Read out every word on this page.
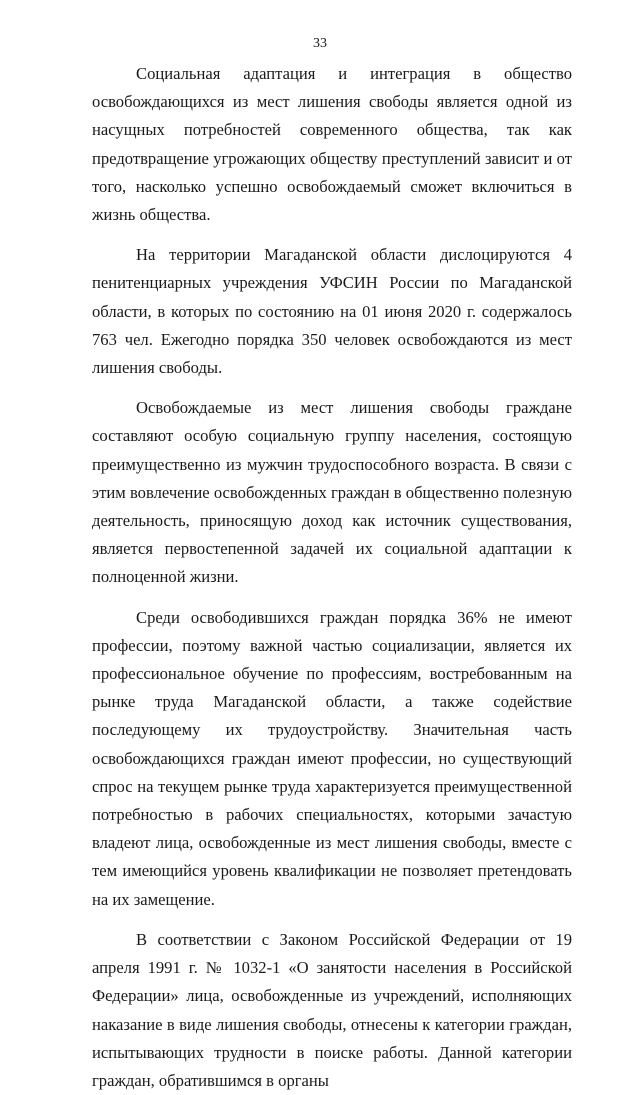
33

Социальная адаптация и интеграция в общество освобождающихся из мест лишения свободы является одной из насущных потребностей современного общества, так как предотвращение угрожающих обществу преступлений зависит и от того, насколько успешно освобождаемый сможет включиться в жизнь общества.

На территории Магаданской области дислоцируются 4 пенитенциарных учреждения УФСИН России по Магаданской области, в которых по состоянию на 01 июня 2020 г. содержалось 763 чел. Ежегодно порядка 350 человек освобождаются из мест лишения свободы.

Освобождаемые из мест лишения свободы граждане составляют особую социальную группу населения, состоящую преимущественно из мужчин трудоспособного возраста. В связи с этим вовлечение освобожденных граждан в общественно полезную деятельность, приносящую доход как источник существования, является первостепенной задачей их социальной адаптации к полноценной жизни.

Среди освободившихся граждан порядка 36% не имеют профессии, поэтому важной частью социализации, является их профессиональное обучение по профессиям, востребованным на рынке труда Магаданской области, а также содействие последующему их трудоустройству. Значительная часть освобождающихся граждан имеют профессии, но существующий спрос на текущем рынке труда характеризуется преимущественной потребностью в рабочих специальностях, которыми зачастую владеют лица, освобожденные из мест лишения свободы, вместе с тем имеющийся уровень квалификации не позволяет претендовать на их замещение.

В соответствии с Законом Российской Федерации от 19 апреля 1991 г. № 1032-1 «О занятости населения в Российской Федерации» лица, освобожденные из учреждений, исполняющих наказание в виде лишения свободы, отнесены к категории граждан, испытывающих трудности в поиске работы. Данной категории граждан, обратившимся в органы
